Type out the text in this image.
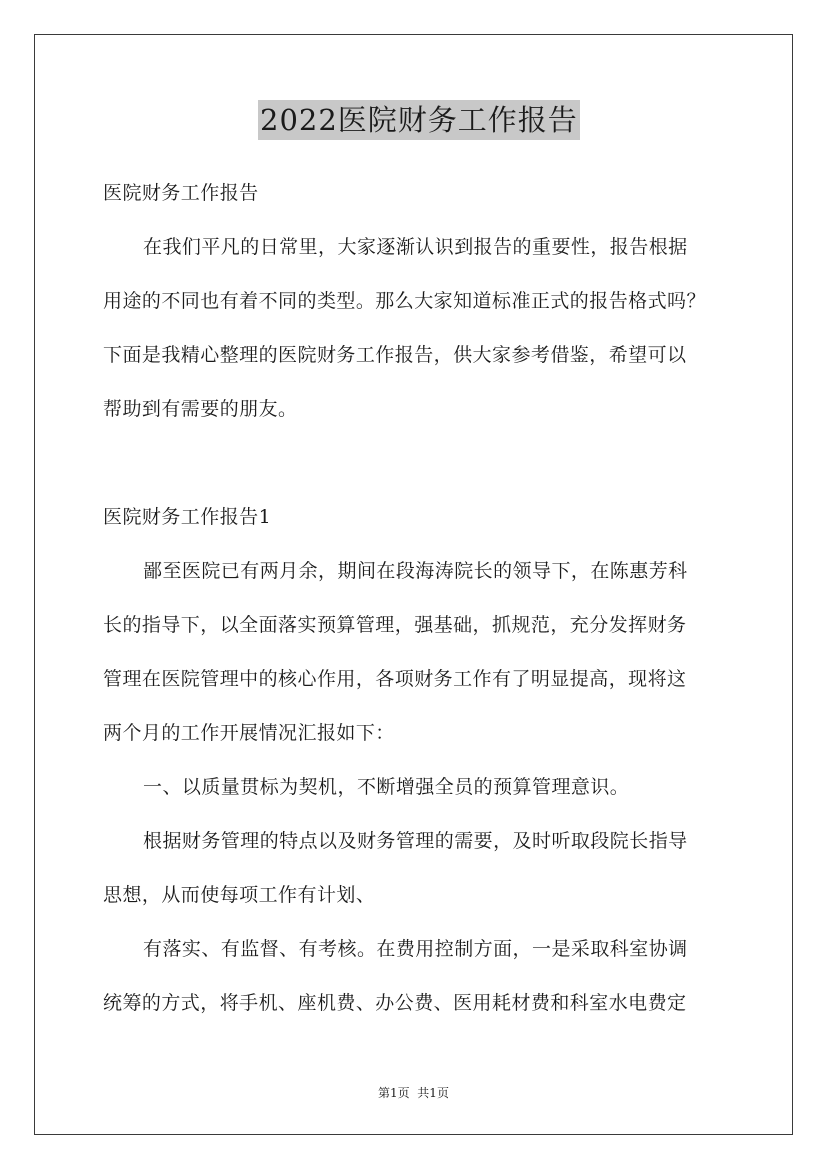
2022医院财务工作报告
医院财务工作报告
在我们平凡的日常里，大家逐渐认识到报告的重要性，报告根据
用途的不同也有着不同的类型。那么大家知道标准正式的报告格式吗？
下面是我精心整理的医院财务工作报告，供大家参考借鉴，希望可以
帮助到有需要的朋友。
医院财务工作报告1
鄙至医院已有两月余，期间在段海涛院长的领导下，在陈惠芳科
长的指导下，以全面落实预算管理，强基础，抓规范，充分发挥财务
管理在医院管理中的核心作用，各项财务工作有了明显提高，现将这
两个月的工作开展情况汇报如下：
一、以质量贯标为契机，不断增强全员的预算管理意识。
根据财务管理的特点以及财务管理的需要，及时听取段院长指导
思想，从而使每项工作有计划、
有落实、有监督、有考核。在费用控制方面，一是采取科室协调
统筹的方式，将手机、座机费、办公费、医用耗材费和科室水电费定
第1页  共1页
